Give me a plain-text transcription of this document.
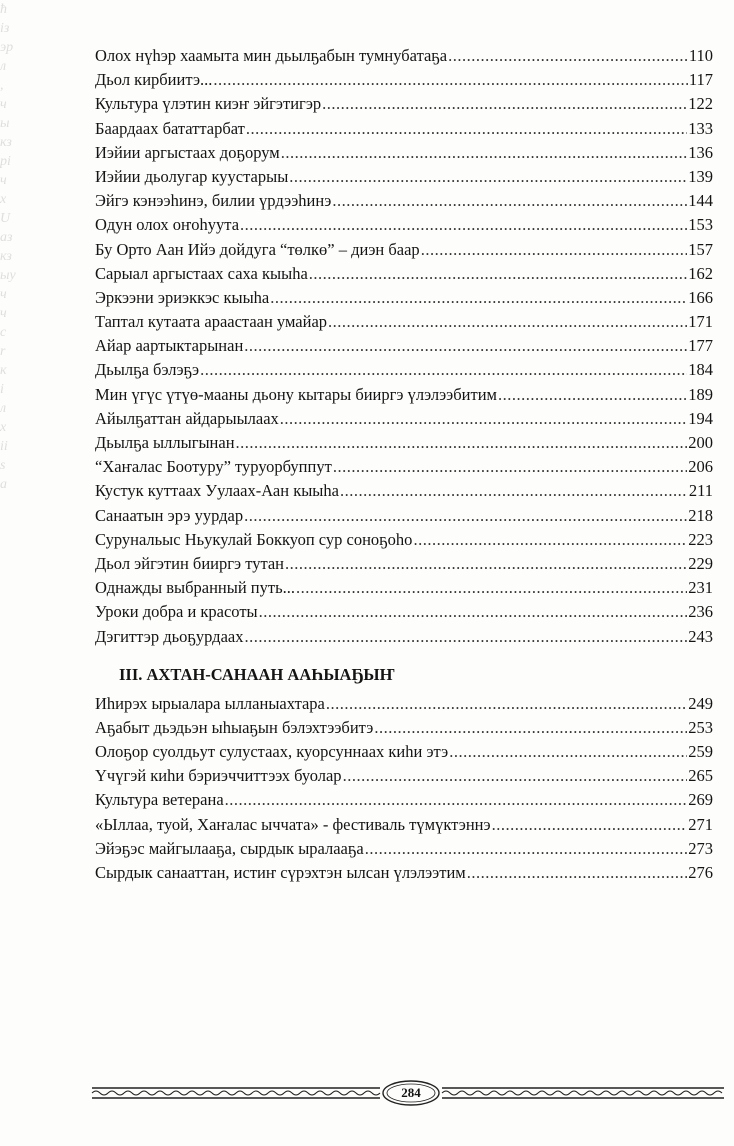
ћ
із
эр
л
,
ч
ы
кз
рі
ч
х
U
аз
кз
ыу
ч
ч
с
r
к
і
л
х
ii
s
а
Олох нүһэр хаамыта мин дьылҕабын тумнубатаҕа .....	110
Дьол кирбиитэ... .....	117
Культура үлэтин киэҥ эйгэтигэр .....	122
Баардаах бататтарбат .....	133
Иэйии аргыстаах доҕорум .....	136
Иэйии дьолугар куустарыы .....	139
Эйгэ кэнээһинэ, билии үрдээһинэ .....	144
Одун олох оҥоһуута .....	153
Бу Орто Аан Ийэ дойдуга “төлкө” – диэн баар .....	157
Сарыал аргыстаах саха кыыһа .....	162
Эркээни эриэккэс кыыһа .....	166
Таптал кутаата араастаан умайар .....	171
Айар аартыктарынан .....	177
Дьылҕа бэлэҕэ .....	184
Мин үгүс үтүө-мааны дьону кытары бииргэ үлэлээбитим .....	189
Айылҕаттан айдарыылаах .....	194
Дьылҕа ыллыгынан .....	200
“Хаҥалас Боотуру” туруорбуппут .....	206
Кустук куттаах Уулаах-Аан кыыһа .....	211
Санаатын эрэ уурдар .....	218
Сурунальыс Ньукулай Боккуоп сур соноҕоһо .....	223
Дьол эйгэтин бииргэ тутан .....	229
Однажды выбранный путь... .....	231
Уроки добра и красоты .....	236
Дэгиттэр дьоҕурдаах .....	243
III. АХТАН-САНААН ААҺЫАҔЫҤ
Иһирэх ырыалара ылланыахтара .....	249
Аҕабыт дьэдьэн ыһыаҕын бэлэхтээбитэ .....	253
Олоҕор суолдьут сулустаах, куорсуннаах киһи этэ .....	259
Үчүгэй киһи бэриэччиттээх буолар .....	265
Культура ветерана .....	269
«Ыллаа, туой, Хаҥалас ыччата» - фестиваль түмүктэннэ .....	271
Эйэҕэс майгылааҕа, сырдык ыралааҕа .....	273
Сырдык санааттан, истиҥ сүрэхтэн ылсан үлэлээтим .....	276
284
